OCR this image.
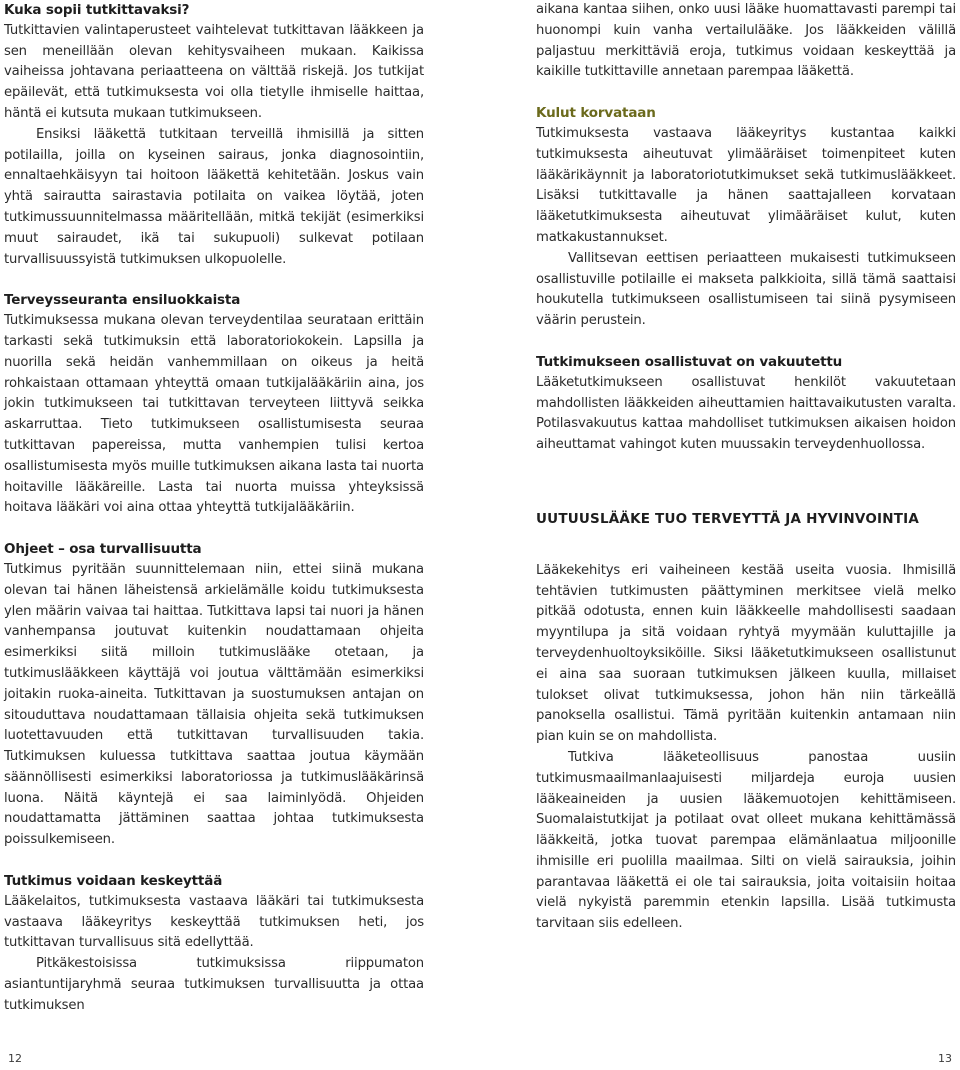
Kuka sopii tutkittavaksi?

Tutkittavien valintaperusteet vaihtelevat tutkittavan lääkkeen ja sen meneillään olevan kehitysvaiheen mukaan. Kaikissa vaiheissa johtavana periaatteena on välttää riskejä. Jos tutkijat epäilevät, että tutkimuksesta voi olla tietylle ihmiselle haittaa, häntä ei kutsuta mukaan tutkimukseen.

Ensiksi lääkettä tutkitaan terveillä ihmisillä ja sitten potilailla, joilla on kyseinen sairaus, jonka diagnosointiin, ennaltaehkäisyyn tai hoitoon lääkettä kehitetään. Joskus vain yhtä sairautta sairastavia potilaita on vaikea löytää, joten tutkimussuunnitelmassa määritellään, mitkä tekijät (esimerkiksi muut sairaudet, ikä tai sukupuoli) sulkevat potilaan turvallisuussyistä tutkimuksen ulkopuolelle.

Terveysseuranta ensiluokkaista

Tutkimuksessa mukana olevan terveydentilaa seurataan erittäin tarkasti sekä tutkimuksin että laboratoriokokein. Lapsilla ja nuorilla sekä heidän vanhemmillaan on oikeus ja heitä rohkaistaan ottamaan yhteyttä omaan tutkijalääkäriin aina, jos jokin tutkimukseen tai tutkittavan terveyteen liittyvä seikka askarruttaa. Tieto tutkimukseen osallistumisesta seuraa tutkittavan papereissa, mutta vanhempien tulisi kertoa osallistumisesta myös muille tutkimuksen aikana lasta tai nuorta hoitaville lääkäreille. Lasta tai nuorta muissa yhteyksissä hoitava lääkäri voi aina ottaa yhteyttä tutkijalääkäriin.

Ohjeet – osa turvallisuutta

Tutkimus pyritään suunnittelemaan niin, ettei siinä mukana olevan tai hänen läheistensä arkielämälle koidu tutkimuksesta ylen määrin vaivaa tai haittaa. Tutkittava lapsi tai nuori ja hänen vanhempansa joutuvat kuitenkin noudattamaan ohjeita esimerkiksi siitä milloin tutkimuslääke otetaan, ja tutkimuslääkkeen käyttäjä voi joutua välttämään esimerkiksi joitakin ruoka-aineita. Tutkittavan ja suostumuksen antajan on sitouduttava noudattamaan tällaisia ohjeita sekä tutkimuksen luotettavuuden että tutkittavan turvallisuuden takia. Tutkimuksen kuluessa tutkittava saattaa joutua käymään säännöllisesti esimerkiksi laboratoriossa ja tutkimuslääkärinsä luona. Näitä käyntejä ei saa laiminlyödä. Ohjeiden noudattamatta jättäminen saattaa johtaa tutkimuksesta poissulkemiseen.

Tutkimus voidaan keskeyttää

Lääkelaitos, tutkimuksesta vastaava lääkäri tai tutkimuksesta vastaava lääkeyritys keskeyttää tutkimuksen heti, jos tutkittavan turvallisuus sitä edellyttää.

Pitkäkestoisissa tutkimuksissa riippumaton asiantuntijaryhmä seuraa tutkimuksen turvallisuutta ja ottaa tutkimuksen

aikana kantaa siihen, onko uusi lääke huomattavasti parempi tai huonompi kuin vanha vertailulääke. Jos lääkkeiden välillä paljastuu merkittäviä eroja, tutkimus voidaan keskeyttää ja kaikille tutkittaville annetaan parempaa lääkettä.

Kulut korvataan

Tutkimuksesta vastaava lääkeyritys kustantaa kaikki tutkimuksesta aiheutuvat ylimääräiset toimenpiteet kuten lääkärikäynnit ja laboratoriotutkimukset sekä tutkimuslääkkeet. Lisäksi tutkittavalle ja hänen saattajalleen korvataan lääketutkimuksesta aiheutuvat ylimääräiset kulut, kuten matkakustannukset.

Vallitsevan eettisen periaatteen mukaisesti tutkimukseen osallistuville potilaille ei makseta palkkioita, sillä tämä saattaisi houkutella tutkimukseen osallistumiseen tai siinä pysymiseen väärin perustein.

Tutkimukseen osallistuvat on vakuutettu

Lääketutkimukseen osallistuvat henkilöt vakuutetaan mahdollisten lääkkeiden aiheuttamien haittavaikutusten varalta. Potilasvakuutus kattaa mahdolliset tutkimuksen aikaisen hoidon aiheuttamat vahingot kuten muussakin terveydenhuollossa.

UUTUUSLÄÄKE TUO TERVEYTTÄ JA HYVINVOINTIA

Lääkekehitys eri vaiheineen kestää useita vuosia. Ihmisillä tehtävien tutkimusten päättyminen merkitsee vielä melko pitkää odotusta, ennen kuin lääkkeelle mahdollisesti saadaan myyntilupa ja sitä voidaan ryhtyä myymään kuluttajille ja terveydenhuoltoyksiköille. Siksi lääketutkimukseen osallistunut ei aina saa suoraan tutkimuksen jälkeen kuulla, millaiset tulokset olivat tutkimuksessa, johon hän niin tärkeällä panoksella osallistui. Tämä pyritään kuitenkin antamaan niin pian kuin se on mahdollista.

Tutkiva lääketeollisuus panostaa uusiin tutkimusmaailmanlaajuisesti miljardeja euroja uusien lääkeaineiden ja uusien lääkemuotojen kehittämiseen. Suomalaistutkijat ja potilaat ovat olleet mukana kehittämässä lääkkeitä, jotka tuovat parempaa elämänlaatua miljoonille ihmisille eri puolilla maailmaa. Silti on vielä sairauksia, joihin parantavaa lääkettä ei ole tai sairauksia, joita voitaisiin hoitaa vielä nykyistä paremmin etenkin lapsilla. Lisää tutkimusta tarvitaan siis edelleen.

12	13
